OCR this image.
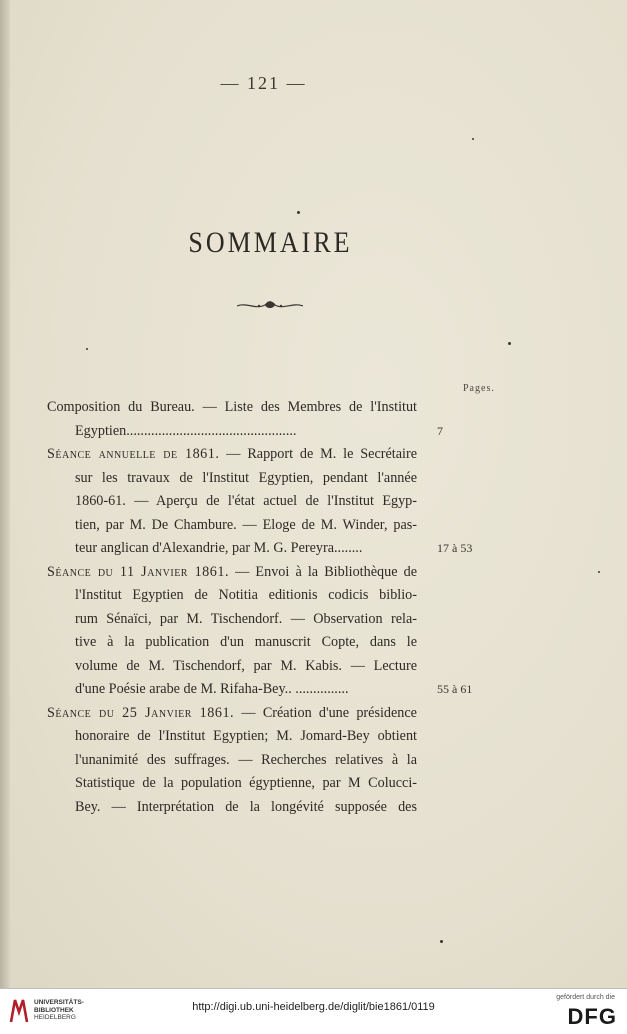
— 121 —
SOMMAIRE
Pages.
Composition du Bureau. — Liste des Membres de l'Institut
Egyptien................................................	7
Séance annuelle de 1861. — Rapport de M. le Secrétaire
sur les travaux de l'Institut Egyptien, pendant l'année
1860-61. — Aperçu de l'état actuel de l'Institut Egyp-
tien, par M. De Chambure. — Eloge de M. Winder, pas-
teur anglican d'Alexandrie, par M. G. Pereyra........	17 à 53
Séance du 11 Janvier 1861. — Envoi à la Bibliothèque de
l'Institut Egyptien de Notitia editionis codicis biblio-
rum Sénaïci, par M. Tischendorf. — Observation rela-
tive à la publication d'un manuscrit Copte, dans le
volume de M. Tischendorf, par M. Kabis. — Lecture
d'une Poésie arabe de M. Rifaha-Bey.. ...............	55 à 61
Séance du 25 Janvier 1861. — Création d'une présidence
honoraire de l'Institut Egyptien; M. Jomard-Bey obtient
l'unanimité des suffrages. — Recherches relatives à la
Statistique de la population égyptienne, par M Colucci-
Bey. — Interprétation de la longévité supposée des
UNIVERSITÄTS-
BIBLIOTHEK
HEIDELBERG
http://digi.ub.uni-heidelberg.de/diglit/bie1861/0119
gefördert durch die
DFG
